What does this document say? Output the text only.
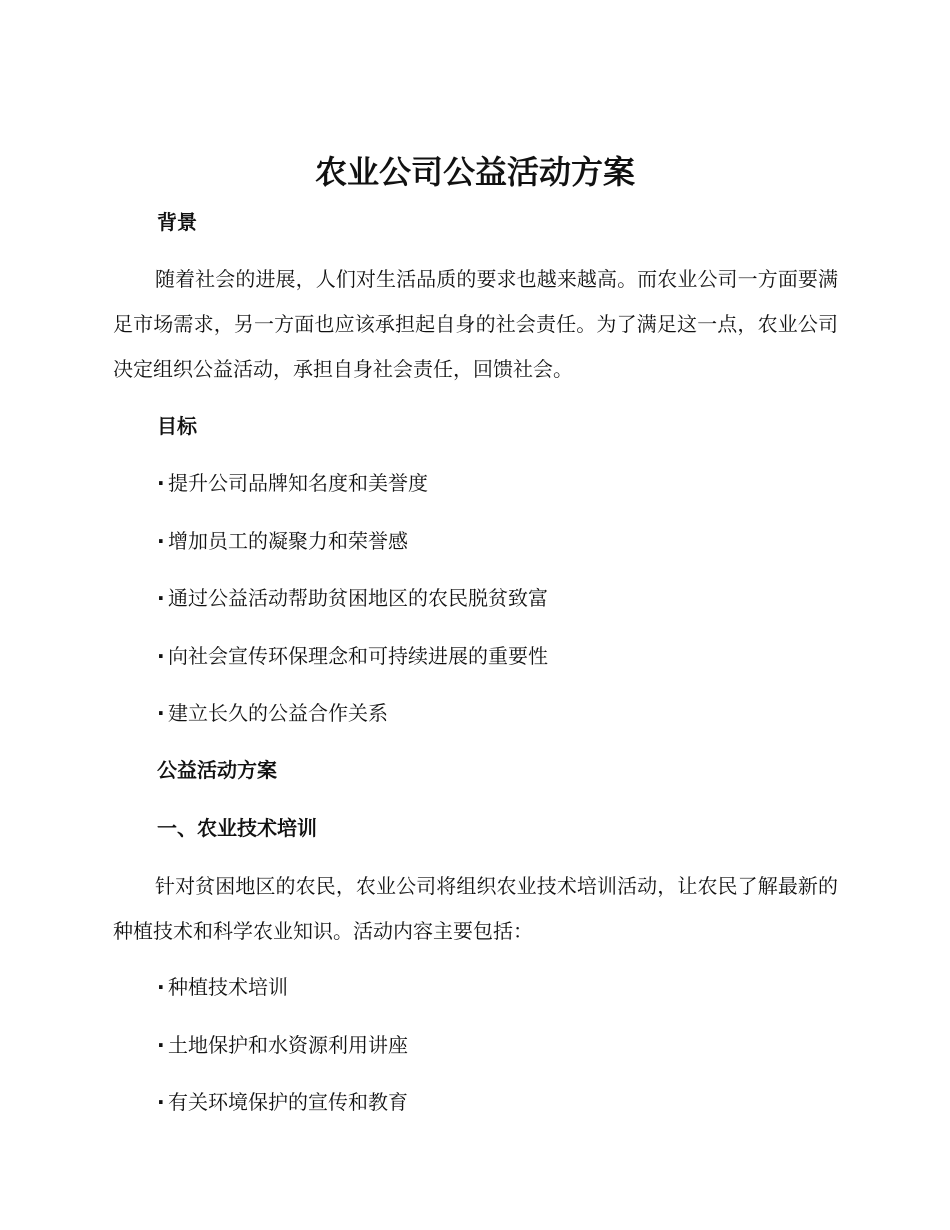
农业公司公益活动方案

背景

随着社会的进展，人们对生活品质的要求也越来越高。而农业公司一方面要满足市场需求，另一方面也应该承担起自身的社会责任。为了满足这一点，农业公司决定组织公益活动，承担自身社会责任，回馈社会。

目标

· 提升公司品牌知名度和美誉度

· 增加员工的凝聚力和荣誉感

· 通过公益活动帮助贫困地区的农民脱贫致富

· 向社会宣传环保理念和可持续进展的重要性

· 建立长久的公益合作关系

公益活动方案

一、农业技术培训

针对贫困地区的农民，农业公司将组织农业技术培训活动，让农民了解最新的种植技术和科学农业知识。活动内容主要包括：

· 种植技术培训

· 土地保护和水资源利用讲座

· 有关环境保护的宣传和教育
